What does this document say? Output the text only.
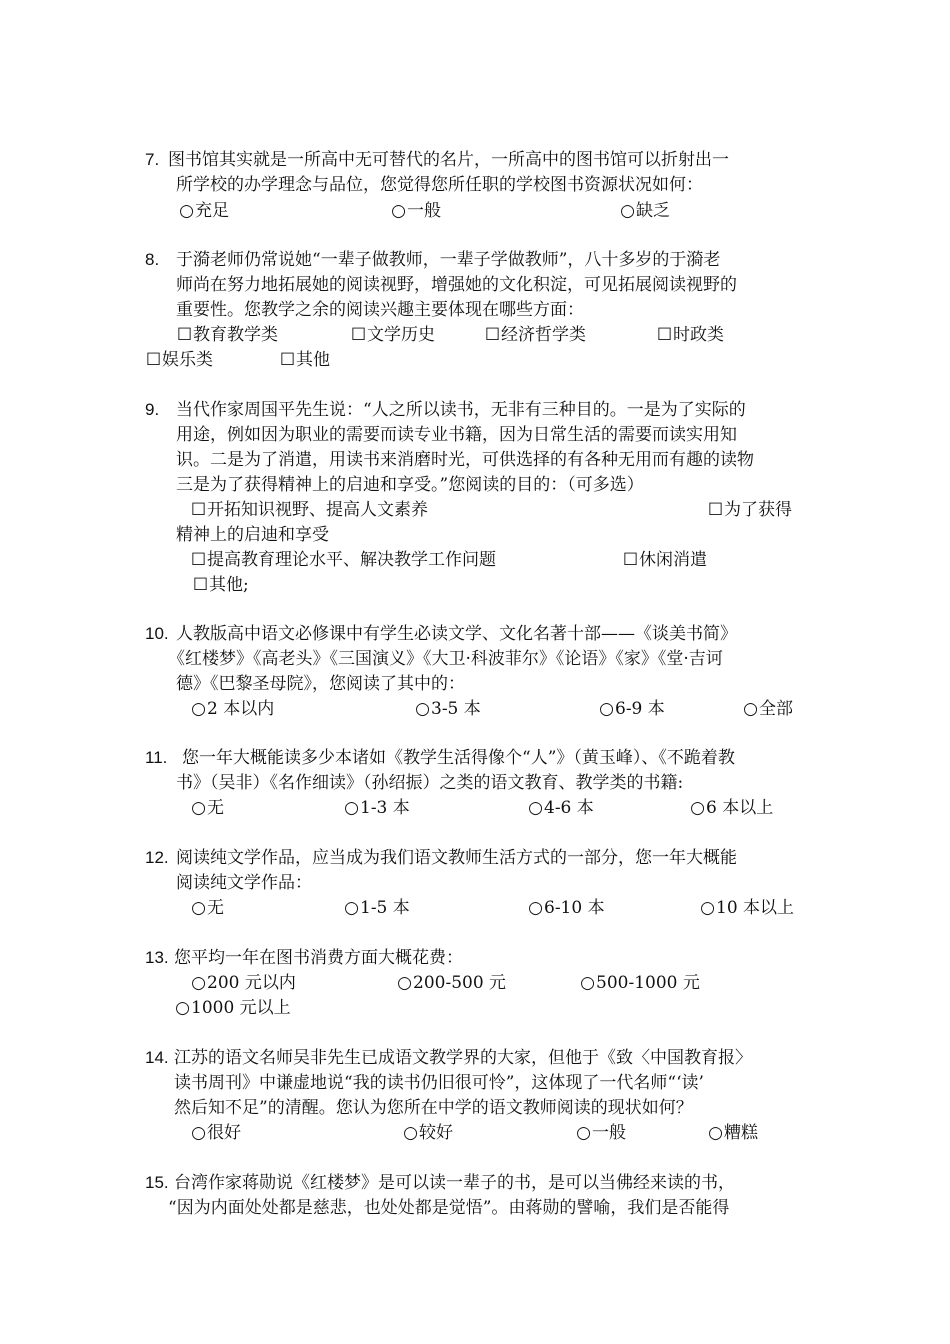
7. 图书馆其实就是一所高中无可替代的名片，一所高中的图书馆可以折射出一
所学校的办学理念与品位，您觉得您所任职的学校图书资源状况如何：
○充足	○一般	○缺乏
8. 于漪老师仍常说她“一辈子做教师，一辈子学做教师”，八十多岁的于漪老
师尚在努力地拓展她的阅读视野，增强她的文化积淀，可见拓展阅读视野的
重要性。您教学之余的阅读兴趣主要体现在哪些方面：
☐教育教学类	☐文学历史	☐经济哲学类	☐时政类
☐娱乐类	☐其他
9. 当代作家周国平先生说：“人之所以读书，无非有三种目的。一是为了实际的
用途，例如因为职业的需要而读专业书籍，因为日常生活的需要而读实用知
识。二是为了消遣，用读书来消磨时光，可供选择的有各种无用而有趣的读物
三是为了获得精神上的启迪和享受。”您阅读的目的：（可多选）
☐开拓知识视野、提高人文素养	☐为了获得
精神上的启迪和享受
☐提高教育理论水平、解决教学工作问题	☐休闲消遣
☐其他;
10. 人教版高中语文必修课中有学生必读文学、文化名著十部——《谈美书简》
《红楼梦》《高老头》《三国演义》《大卫·科波菲尔》《论语》《家》《堂·吉诃
德》《巴黎圣母院》，您阅读了其中的：
○2 本以内	○3-5 本	○6-9 本	○全部
11. 您一年大概能读多少本诸如《教学生活得像个“人”》（黄玉峰）、《不跪着教
书》（吴非）《名作细读》（孙绍振）之类的语文教育、教学类的书籍:
○无	○1-3 本	○4-6 本	○6 本以上
12. 阅读纯文学作品，应当成为我们语文教师生活方式的一部分，您一年大概能
阅读纯文学作品：
○无	○1-5 本	○6-10 本	○10 本以上
13. 您平均一年在图书消费方面大概花费：
○200 元以内	○200-500 元	○500-1000 元
○1000 元以上
14. 江苏的语文名师吴非先生已成语文教学界的大家，但他于《致〈中国教育报〉
读书周刊》中谦虚地说“我的读书仍旧很可怜”，这体现了一代名师“‘读’
然后知不足”的清醒。您认为您所在中学的语文教师阅读的现状如何？
○很好	○较好	○一般	○糟糕
15. 台湾作家蒋勋说《红楼梦》是可以读一辈子的书，是可以当佛经来读的书，
“因为内面处处都是慈悲，也处处都是觉悟”。由蒋勋的譬喻，我们是否能得
